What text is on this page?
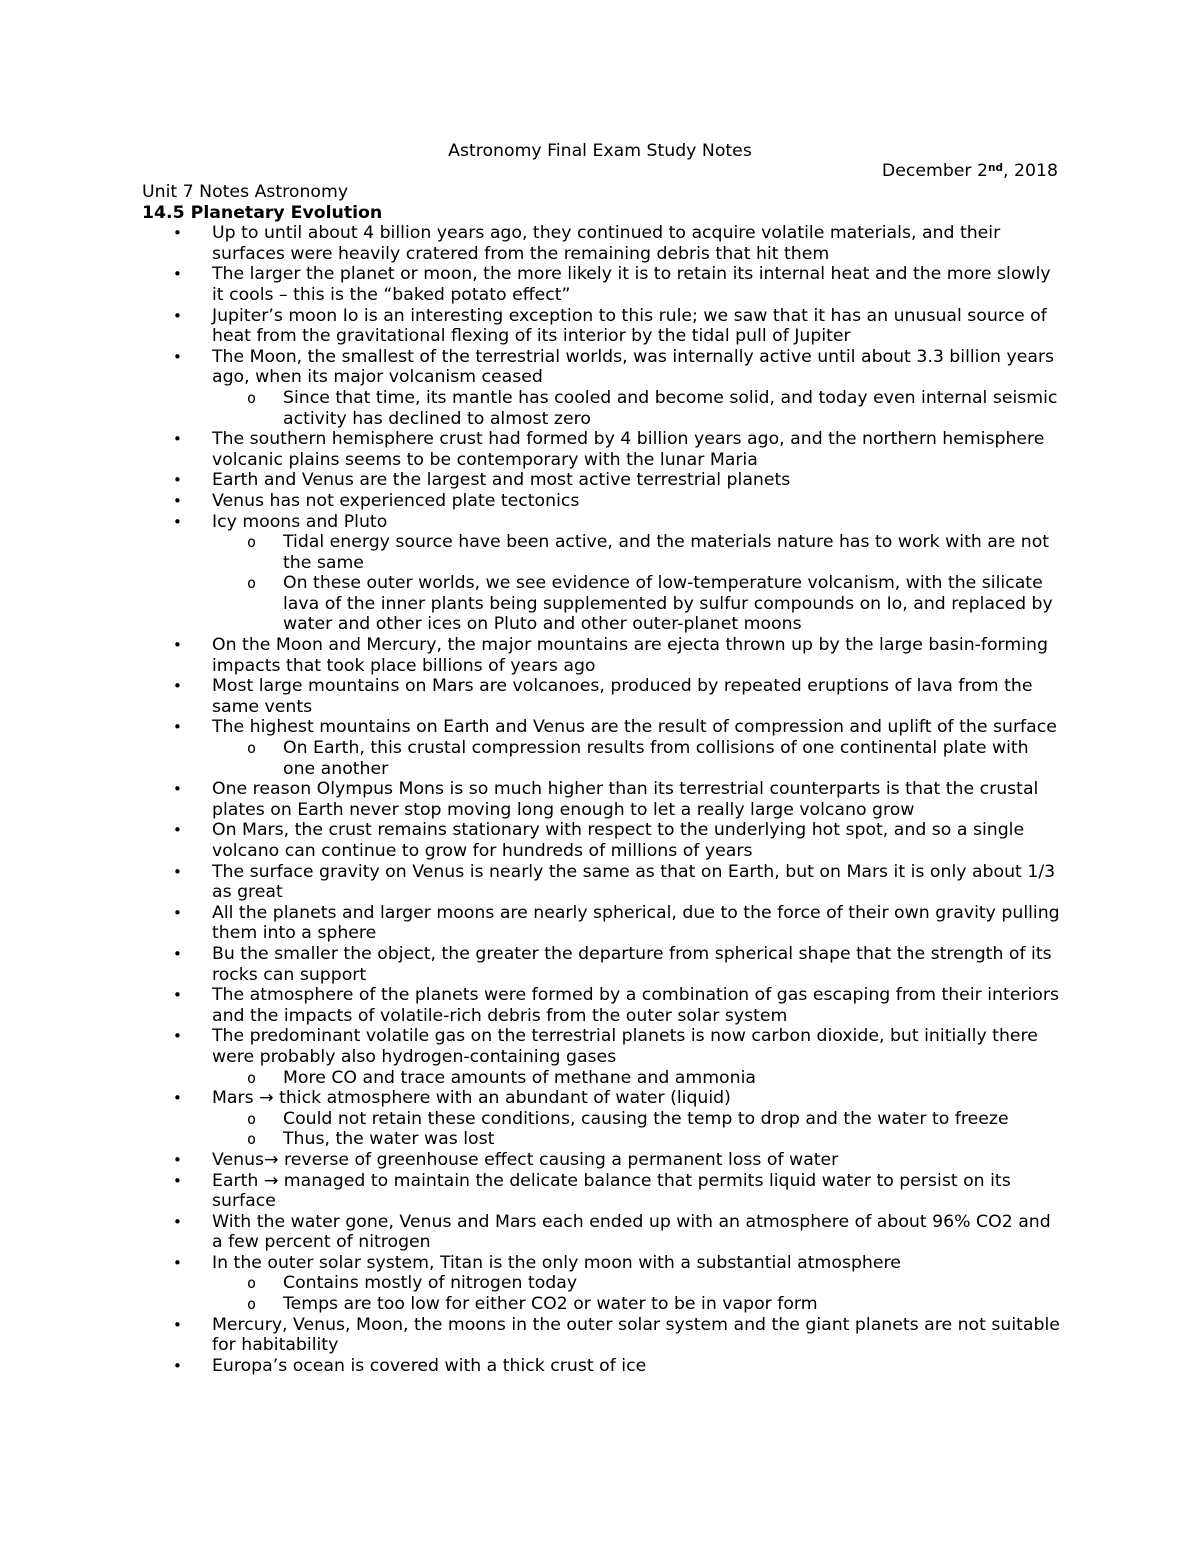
Astronomy Final Exam Study Notes
December 2nd, 2018
Unit 7 Notes Astronomy
14.5 Planetary Evolution
• Up to until about 4 billion years ago, they continued to acquire volatile materials, and their surfaces were heavily cratered from the remaining debris that hit them
• The larger the planet or moon, the more likely it is to retain its internal heat and the more slowly it cools – this is the “baked potato effect”
• Jupiter’s moon Io is an interesting exception to this rule; we saw that it has an unusual source of heat from the gravitational flexing of its interior by the tidal pull of Jupiter
• The Moon, the smallest of the terrestrial worlds, was internally active until about 3.3 billion years ago, when its major volcanism ceased
o Since that time, its mantle has cooled and become solid, and today even internal seismic activity has declined to almost zero
• The southern hemisphere crust had formed by 4 billion years ago, and the northern hemisphere volcanic plains seems to be contemporary with the lunar Maria
• Earth and Venus are the largest and most active terrestrial planets
• Venus has not experienced plate tectonics
• Icy moons and Pluto
o Tidal energy source have been active, and the materials nature has to work with are not the same
o On these outer worlds, we see evidence of low-temperature volcanism, with the silicate lava of the inner plants being supplemented by sulfur compounds on Io, and replaced by water and other ices on Pluto and other outer-planet moons
• On the Moon and Mercury, the major mountains are ejecta thrown up by the large basin-forming impacts that took place billions of years ago
• Most large mountains on Mars are volcanoes, produced by repeated eruptions of lava from the same vents
• The highest mountains on Earth and Venus are the result of compression and uplift of the surface
o On Earth, this crustal compression results from collisions of one continental plate with one another
• One reason Olympus Mons is so much higher than its terrestrial counterparts is that the crustal plates on Earth never stop moving long enough to let a really large volcano grow
• On Mars, the crust remains stationary with respect to the underlying hot spot, and so a single volcano can continue to grow for hundreds of millions of years
• The surface gravity on Venus is nearly the same as that on Earth, but on Mars it is only about 1/3 as great
• All the planets and larger moons are nearly spherical, due to the force of their own gravity pulling them into a sphere
• Bu the smaller the object, the greater the departure from spherical shape that the strength of its rocks can support
• The atmosphere of the planets were formed by a combination of gas escaping from their interiors and the impacts of volatile-rich debris from the outer solar system
• The predominant volatile gas on the terrestrial planets is now carbon dioxide, but initially there were probably also hydrogen-containing gases
o More CO and trace amounts of methane and ammonia
• Mars → thick atmosphere with an abundant of water (liquid)
o Could not retain these conditions, causing the temp to drop and the water to freeze
o Thus, the water was lost
• Venus→ reverse of greenhouse effect causing a permanent loss of water
• Earth → managed to maintain the delicate balance that permits liquid water to persist on its surface
• With the water gone, Venus and Mars each ended up with an atmosphere of about 96% CO2 and a few percent of nitrogen
• In the outer solar system, Titan is the only moon with a substantial atmosphere
o Contains mostly of nitrogen today
o Temps are too low for either CO2 or water to be in vapor form
• Mercury, Venus, Moon, the moons in the outer solar system and the giant planets are not suitable for habitability
• Europa’s ocean is covered with a thick crust of ice
